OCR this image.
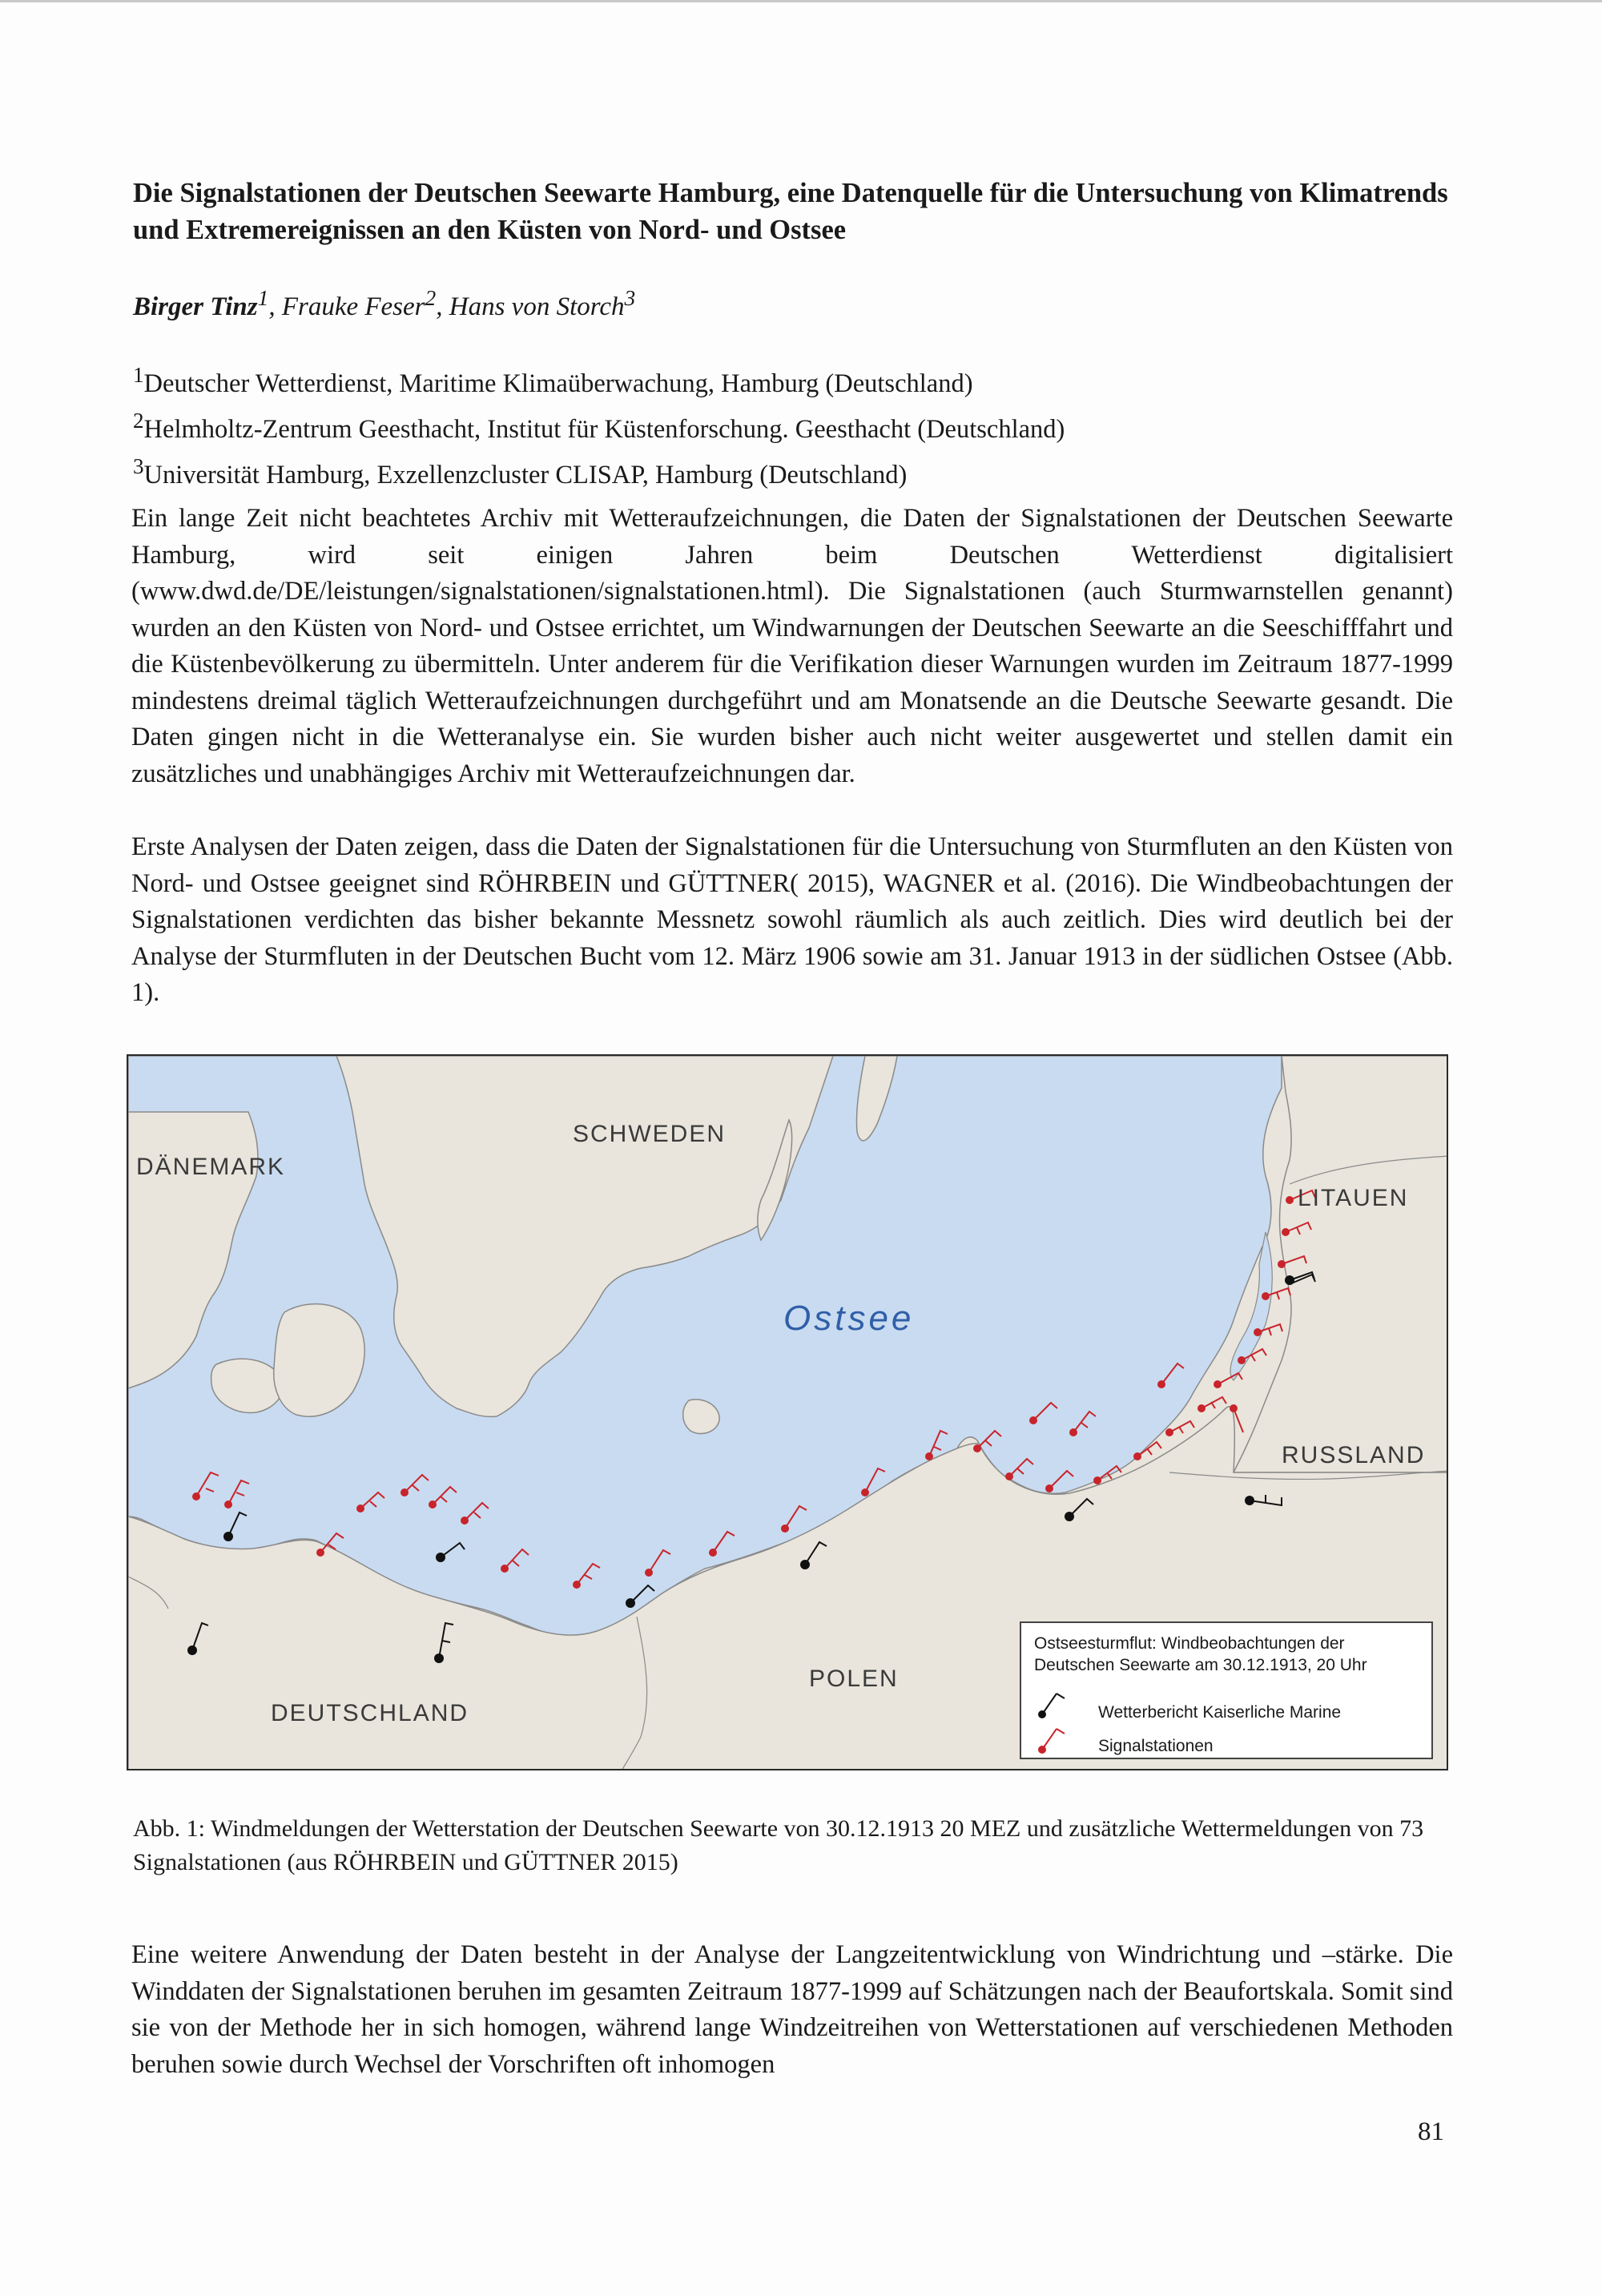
Die Signalstationen der Deutschen Seewarte Hamburg, eine Datenquelle für die Untersuchung von Klimatrends und Extremereignissen an den Küsten von Nord- und Ostsee
Birger Tinz$^1$, Frauke Feser$^2$, Hans von Storch$^3$

$^1$Deutscher Wetterdienst, Maritime Klimaüberwachung, Hamburg (Deutschland)

$^2$Helmholtz-Zentrum Geesthacht, Institut für Küstenforschung. Geesthacht (Deutschland)

$^3$Universität Hamburg, Exzellenzcluster CLISAP, Hamburg (Deutschland)

Ein lange Zeit nicht beachtetes Archiv mit Wetteraufzeichnungen, die Daten der Signalstationen der Deutschen Seewarte Hamburg, wird seit einigen Jahren beim Deutschen Wetterdienst digitalisiert (www.dwd.de/DE/leistungen/signalstationen/signalstationen.html). Die Signalstationen (auch Sturmwarnstellen genannt) wurden an den Küsten von Nord- und Ostsee errichtet, um Windwarnungen der Deutschen Seewarte an die Seeschifffahrt und die Küstenbevölkerung zu übermitteln. Unter anderem für die Verifikation dieser Warnungen wurden im Zeitraum 1877-1999 mindestens dreimal täglich Wetteraufzeichnungen durchgeführt und am Monatsende an die Deutsche Seewarte gesandt. Die Daten gingen nicht in die Wetteranalyse ein. Sie wurden bisher auch nicht weiter ausgewertet und stellen damit ein zusätzliches und unabhängiges Archiv mit Wetteraufzeichnungen dar.
Erste Analysen der Daten zeigen, dass die Daten der Signalstationen für die Untersuchung von Sturmfluten an den Küsten von Nord- und Ostsee geeignet sind RÖHRBEIN und GÜTTNER( 2015), WAGNER et al. (2016). Die Windbeobachtungen der Signalstationen verdichten das bisher bekannte Messnetz sowohl räumlich als auch zeitlich. Dies wird deutlich bei der Analyse der Sturmfluten in der Deutschen Bucht vom 12. März 1906 sowie am 31. Januar 1913 in der südlichen Ostsee (Abb. 1).
DÄNEMARK
SCHWEDEN
LITAUEN
RUSSLAND
POLEN
DEUTSCHLAND
Ostsee
Ostseesturmflut: Windbeobachtungen der Deutschen Seewarte am 30.12.1913, 20 Uhr
Wetterbericht Kaiserliche Marine
Signalstationen
Abb. 1: Windmeldungen der Wetterstation der Deutschen Seewarte von 30.12.1913 20 MEZ und zusätzliche Wettermeldungen von 73 Signalstationen (aus RÖHRBEIN und GÜTTNER 2015)
Eine weitere Anwendung der Daten besteht in der Analyse der Langzeitentwicklung von Windrichtung und –stärke. Die Winddaten der Signalstationen beruhen im gesamten Zeitraum 1877-1999 auf Schätzungen nach der Beaufortskala. Somit sind sie von der Methode her in sich homogen, während lange Windzeitreihen von Wetterstationen auf verschiedenen Methoden beruhen sowie durch Wechsel der Vorschriften oft inhomogen
81
